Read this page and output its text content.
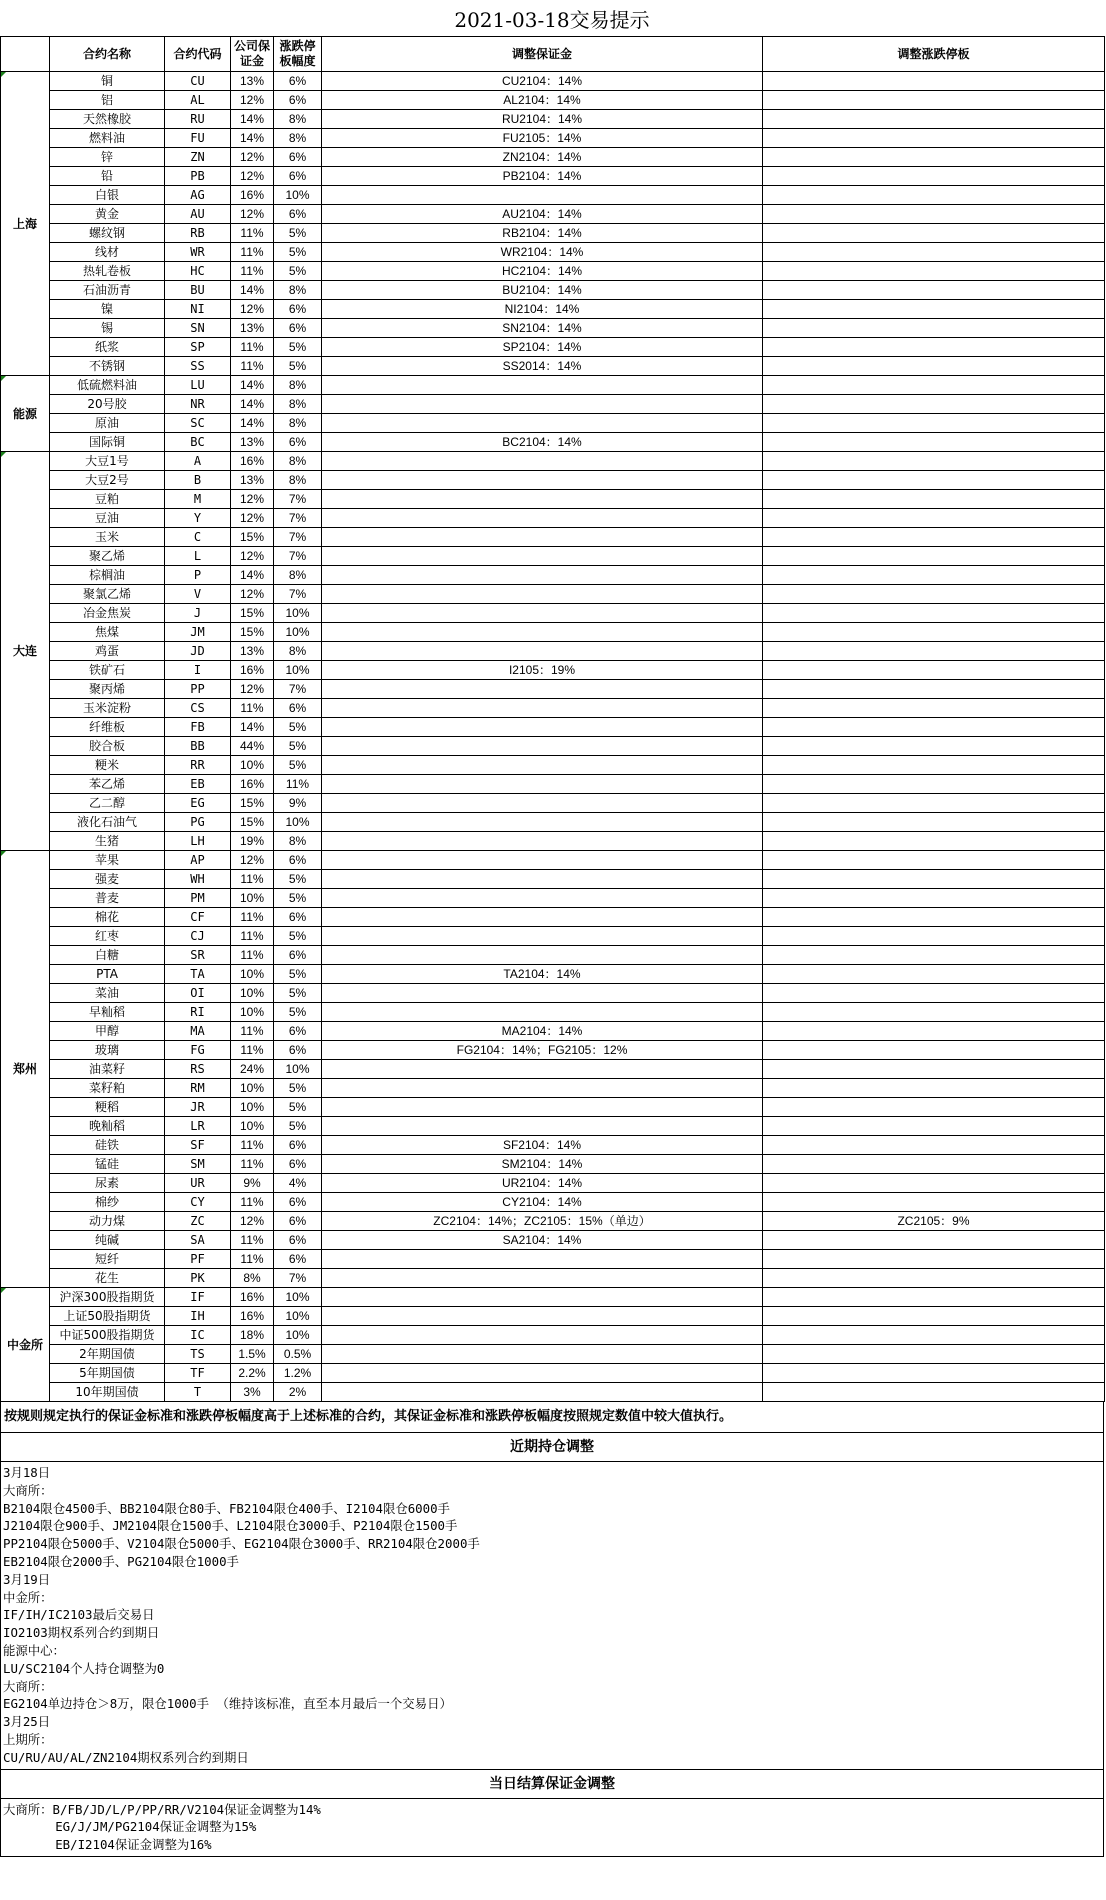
2021-03-18交易提示
	合约名称	合约代码	公司保证金	涨跌停板幅度	调整保证金	调整涨跌停板
上海	铜	CU	13%	6%	CU2104：14%	
	铝	AL	12%	6%	AL2104：14%	
	天然橡胶	RU	14%	8%	RU2104：14%	
	燃料油	FU	14%	8%	FU2105：14%	
	锌	ZN	12%	6%	ZN2104：14%	
	铅	PB	12%	6%	PB2104：14%	
	白银	AG	16%	10%		
	黄金	AU	12%	6%	AU2104：14%	
	螺纹钢	RB	11%	5%	RB2104：14%	
	线材	WR	11%	5%	WR2104：14%	
	热轧卷板	HC	11%	5%	HC2104：14%	
	石油沥青	BU	14%	8%	BU2104：14%	
	镍	NI	12%	6%	NI2104：14%	
	锡	SN	13%	6%	SN2104：14%	
	纸浆	SP	11%	5%	SP2104：14%	
	不锈钢	SS	11%	5%	SS2014：14%	
能源	低硫燃料油	LU	14%	8%		
	20号胶	NR	14%	8%		
	原油	SC	14%	8%		
	国际铜	BC	13%	6%	BC2104：14%	
大连	大豆1号	A	16%	8%		
	大豆2号	B	13%	8%		
	豆粕	M	12%	7%		
	豆油	Y	12%	7%		
	玉米	C	15%	7%		
	聚乙烯	L	12%	7%		
	棕榈油	P	14%	8%		
	聚氯乙烯	V	12%	7%		
	冶金焦炭	J	15%	10%		
	焦煤	JM	15%	10%		
	鸡蛋	JD	13%	8%		
	铁矿石	I	16%	10%	I2105：19%	
	聚丙烯	PP	12%	7%		
	玉米淀粉	CS	11%	6%		
	纤维板	FB	14%	5%		
	胶合板	BB	44%	5%		
	粳米	RR	10%	5%		
	苯乙烯	EB	16%	11%		
	乙二醇	EG	15%	9%		
	液化石油气	PG	15%	10%		
	生猪	LH	19%	8%		
郑州	苹果	AP	12%	6%		
	强麦	WH	11%	5%		
	普麦	PM	10%	5%		
	棉花	CF	11%	6%		
	红枣	CJ	11%	5%		
	白糖	SR	11%	6%		
	PTA	TA	10%	5%	TA2104：14%	
	菜油	OI	10%	5%		
	早籼稻	RI	10%	5%		
	甲醇	MA	11%	6%	MA2104：14%	
	玻璃	FG	11%	6%	FG2104：14%；FG2105：12%	
	油菜籽	RS	24%	10%		
	菜籽粕	RM	10%	5%		
	粳稻	JR	10%	5%		
	晚籼稻	LR	10%	5%		
	硅铁	SF	11%	6%	SF2104：14%	
	锰硅	SM	11%	6%	SM2104：14%	
	尿素	UR	9%	4%	UR2104：14%	
	棉纱	CY	11%	6%	CY2104：14%	
	动力煤	ZC	12%	6%	ZC2104：14%；ZC2105：15%（单边）	ZC2105：9%
	纯碱	SA	11%	6%	SA2104：14%	
	短纤	PF	11%	6%		
	花生	PK	8%	7%		
中金所	沪深300股指期货	IF	16%	10%		
	上证50股指期货	IH	16%	10%		
	中证500股指期货	IC	18%	10%		
	2年期国债	TS	1.5%	0.5%		
	5年期国债	TF	2.2%	1.2%		
	10年期国债	T	3%	2%		
按规则规定执行的保证金标准和涨跌停板幅度高于上述标准的合约，其保证金标准和涨跌停板幅度按照规定数值中较大值执行。
近期持仓调整
3月18日
大商所：
B2104限仓4500手、BB2104限仓80手、FB2104限仓400手、I2104限仓6000手
J2104限仓900手、JM2104限仓1500手、L2104限仓3000手、P2104限仓1500手
PP2104限仓5000手、V2104限仓5000手、EG2104限仓3000手、RR2104限仓2000手
EB2104限仓2000手、PG2104限仓1000手
3月19日
中金所：
IF/IH/IC2103最后交易日
IO2103期权系列合约到期日
能源中心：
LU/SC2104个人持仓调整为0
大商所：
EG2104单边持仓＞8万，限仓1000手 （维持该标准，直至本月最后一个交易日）
3月25日
上期所：
CU/RU/AU/AL/ZN2104期权系列合约到期日
当日结算保证金调整
大商所：B/FB/JD/L/P/PP/RR/V2104保证金调整为14%
EG/J/JM/PG2104保证金调整为15%
EB/I2104保证金调整为16%
